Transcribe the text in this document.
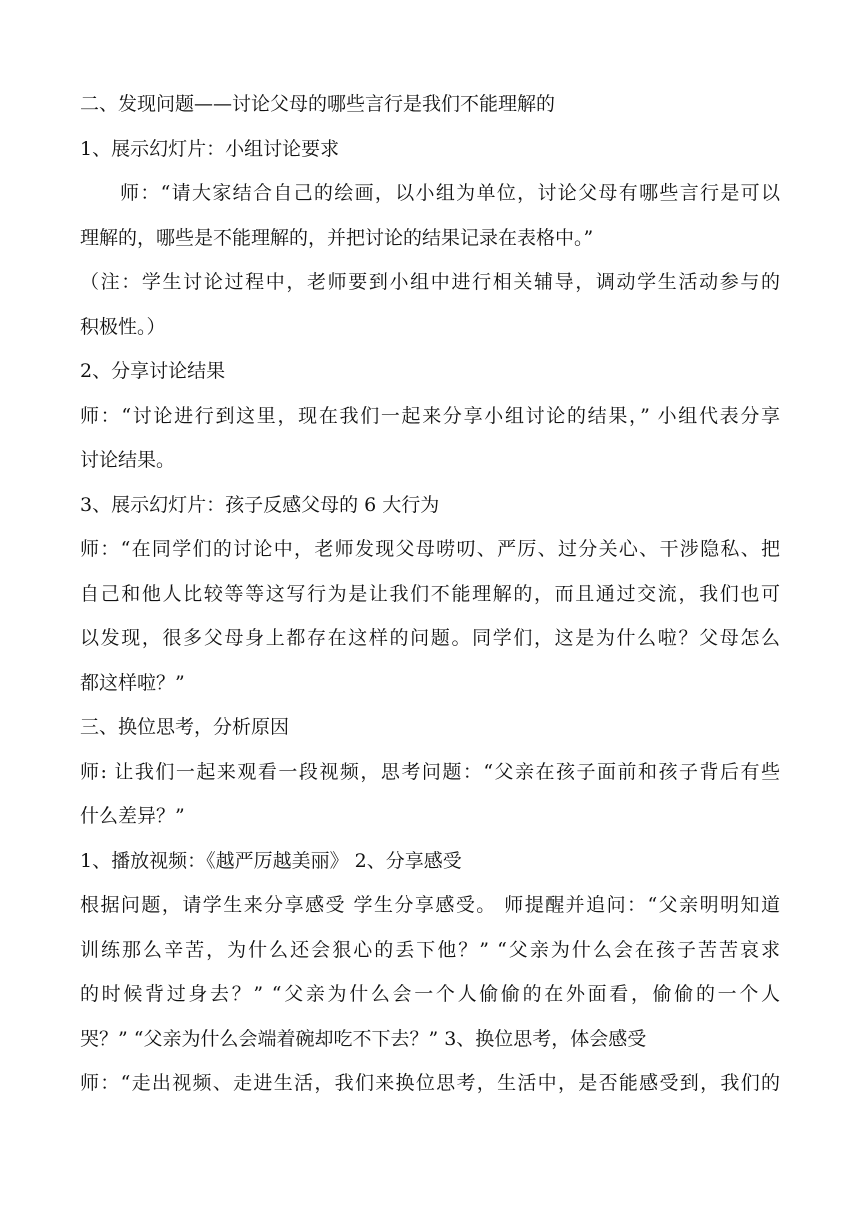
二、发现问题——讨论父母的哪些言行是我们不能理解的
1、展示幻灯片：小组讨论要求
师：“请大家结合自己的绘画，以小组为单位，讨论父母有哪些言行是可以
理解的，哪些是不能理解的，并把讨论的结果记录在表格中。”
（注：学生讨论过程中，老师要到小组中进行相关辅导，调动学生活动参与的
积极性。）
2、分享讨论结果
师：“讨论进行到这里，现在我们一起来分享小组讨论的结果，” 小组代表分享
讨论结果。
3、展示幻灯片：孩子反感父母的 6 大行为
师：“在同学们的讨论中，老师发现父母唠叨、严厉、过分关心、干涉隐私、把
自己和他人比较等等这写行为是让我们不能理解的，而且通过交流，我们也可
以发现，很多父母身上都存在这样的问题。同学们，这是为什么啦？父母怎么
都这样啦？”
三、换位思考，分析原因
师: 让我们一起来观看一段视频，思考问题：“父亲在孩子面前和孩子背后有些
什么差异？”
1、播放视频：《越严厉越美丽》 2、分享感受
根据问题，请学生来分享感受 学生分享感受。 师提醒并追问：“父亲明明知道
训练那么辛苦，为什么还会狠心的丢下他？” “父亲为什么会在孩子苦苦哀求
的时候背过身去？” “父亲为什么会一个人偷偷的在外面看，偷偷的一个人
哭？” “父亲为什么会端着碗却吃不下去？” 3、换位思考，体会感受
师：“走出视频、走进生活，我们来换位思考，生活中，是否能感受到，我们的
